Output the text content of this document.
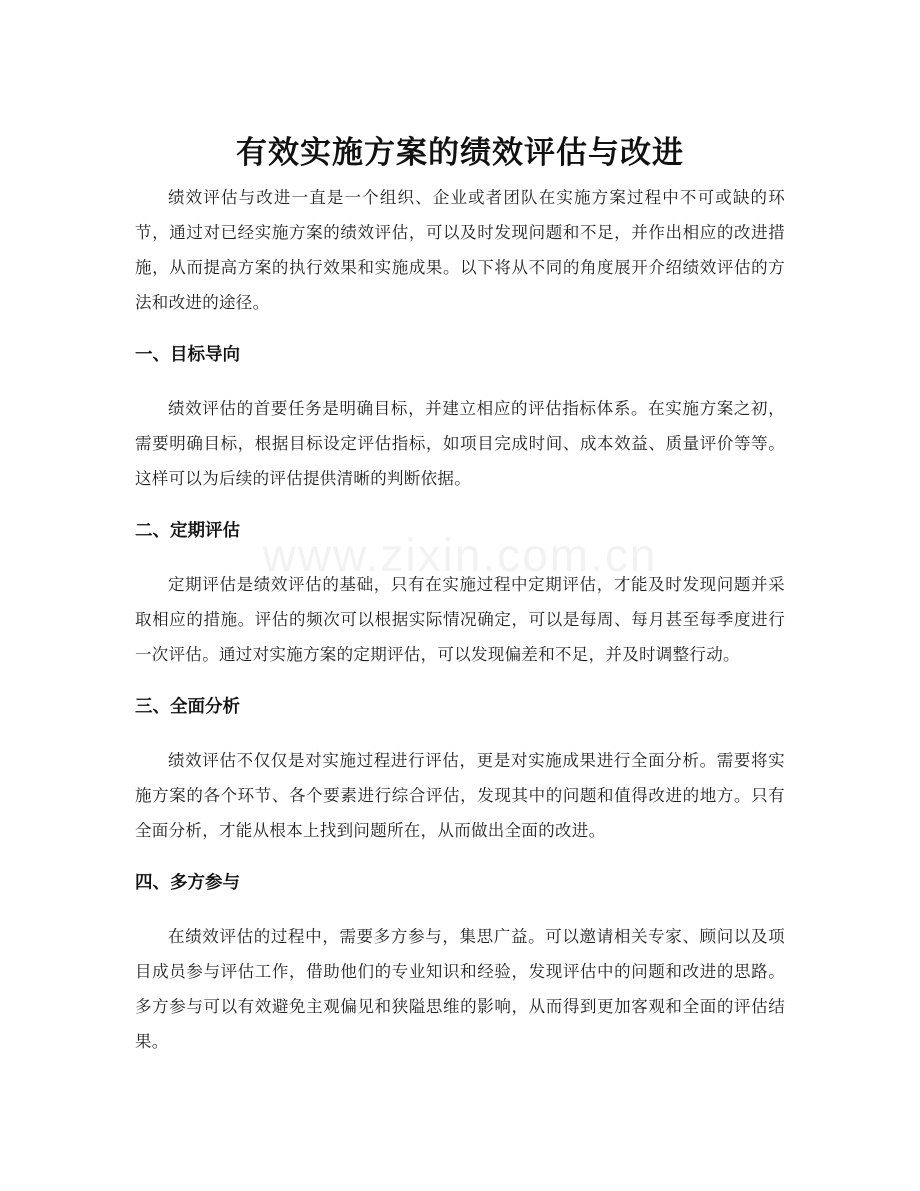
有效实施方案的绩效评估与改进
www.zixin.com.cn

绩效评估与改进一直是一个组织、企业或者团队在实施方案过程中不可或缺的环节，通过对已经实施方案的绩效评估，可以及时发现问题和不足，并作出相应的改进措施，从而提高方案的执行效果和实施成果。以下将从不同的角度展开介绍绩效评估的方法和改进的途径。

一、目标导向

绩效评估的首要任务是明确目标，并建立相应的评估指标体系。在实施方案之初，需要明确目标，根据目标设定评估指标，如项目完成时间、成本效益、质量评价等等。这样可以为后续的评估提供清晰的判断依据。

二、定期评估

定期评估是绩效评估的基础，只有在实施过程中定期评估，才能及时发现问题并采取相应的措施。评估的频次可以根据实际情况确定，可以是每周、每月甚至每季度进行一次评估。通过对实施方案的定期评估，可以发现偏差和不足，并及时调整行动。

三、全面分析

绩效评估不仅仅是对实施过程进行评估，更是对实施成果进行全面分析。需要将实施方案的各个环节、各个要素进行综合评估，发现其中的问题和值得改进的地方。只有全面分析，才能从根本上找到问题所在，从而做出全面的改进。

四、多方参与

在绩效评估的过程中，需要多方参与，集思广益。可以邀请相关专家、顾问以及项目成员参与评估工作，借助他们的专业知识和经验，发现评估中的问题和改进的思路。多方参与可以有效避免主观偏见和狭隘思维的影响，从而得到更加客观和全面的评估结果。
